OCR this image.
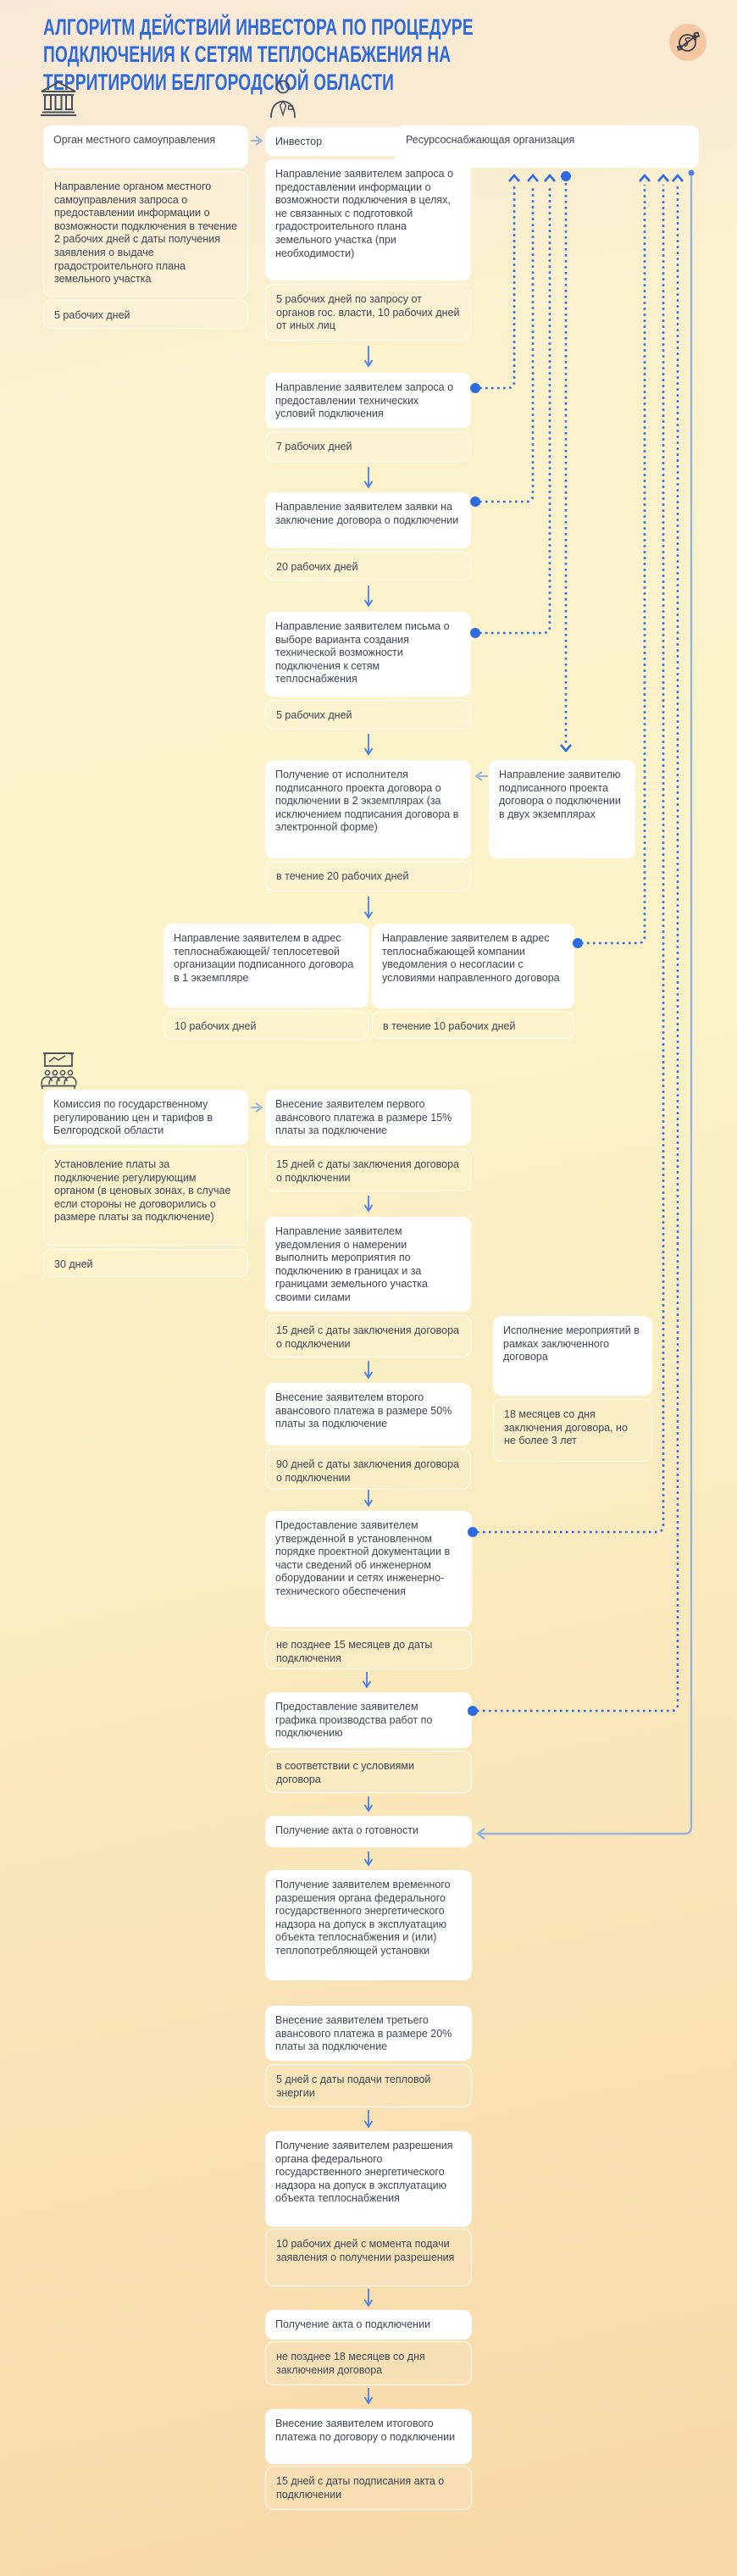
АЛГОРИТМ ДЕЙСТВИЙ ИНВЕСТОРА ПО ПРОЦЕДУРЕ ПОДКЛЮЧЕНИЯ К СЕТЯМ ТЕПЛОСНАБЖЕНИЯ НА ТЕРРИТИРОИИ БЕЛГОРОДСКОЙ ОБЛАСТИ
Орган местного самоуправления
Направление органом местного самоуправления запроса о предоставлении информации о возможности подключения в течение 2 рабочих дней с даты получения заявления о выдаче градостроительного плана земельного участка
5 рабочих дней
Комиссия по государственному регулированию цен и тарифов в Белгородской области
Установление платы за подключение регулирующим органом (в ценовых зонах, в случае если стороны не договорились о размере платы за подключение)
30 дней
Инвестор
Направление заявителем запроса о предоставлении информации о возможности подключения в целях, не связанных с подготовкой градостроительного плана земельного участка (при необходимости)
5 рабочих дней по запросу от органов гос. власти, 10 рабочих дней от иных лиц
Направление заявителем запроса о предоставлении технических условий подключения
7 рабочих дней
Направление заявителем заявки на заключение договора о подключении
20 рабочих дней
Направление заявителем письма о выборе варианта создания технической возможности подключения к сетям теплоснабжения
5 рабочих дней
Получение от исполнителя подписанного проекта договора о подключении в 2 экземплярах (за исключением подписания договора в электронной форме)
Направление заявителю подписанного проекта договора о подключении в двух экземплярах
в течение 20 рабочих дней
Направление заявителем в адрес теплоснабжающей/ теплосетевой организации подписанного договора в 1 экземпляре
10 рабочих дней
Направление заявителем в адрес теплоснабжающей компании уведомления о несогласии с условиями направленного договора
в течение 10 рабочих дней
Внесение заявителем первого авансового платежа в размере 15% платы за подключение
15 дней с даты заключения договора о подключении
Направление заявителем уведомления о намерении выполнить мероприятия по подключению в границах и за границами земельного участка своими силами
15 дней с даты заключения договора о подключении
Внесение заявителем второго авансового платежа в размере 50% платы за подключение
90 дней с даты заключения договора о подключении
Исполнение мероприятий в рамках заключенного договора
18 месяцев со дня заключения договора, но не более 3 лет
Предоставление заявителем утвержденной в установленном порядке проектной документации в части сведений об инженерном оборудовании и сетях инженерно-технического обеспечения
не позднее 15 месяцев до даты подключения
Предоставление заявителем графика производства работ по подключению
в соответствии с условиями договора
Получение акта о готовности
Получение заявителем временного разрешения органа федерального государственного энергетического надзора на допуск в эксплуатацию объекта теплоснабжения и (или) теплопотребляющей установки
Внесение заявителем третьего авансового платежа в размере 20% платы за подключение
5 дней с даты подачи тепловой энергии
Получение заявителем разрешения органа федерального государственного энергетического надзора на допуск в эксплуатацию объекта теплоснабжения
10 рабочих дней с момента подачи заявления о получении разрешения
Получение акта о подключении
не позднее 18 месяцев со дня заключения договора
Внесение заявителем итогового платежа по договору о подключении
15 дней с даты подписания акта о подключении
Ресурсоснабжающая организация
